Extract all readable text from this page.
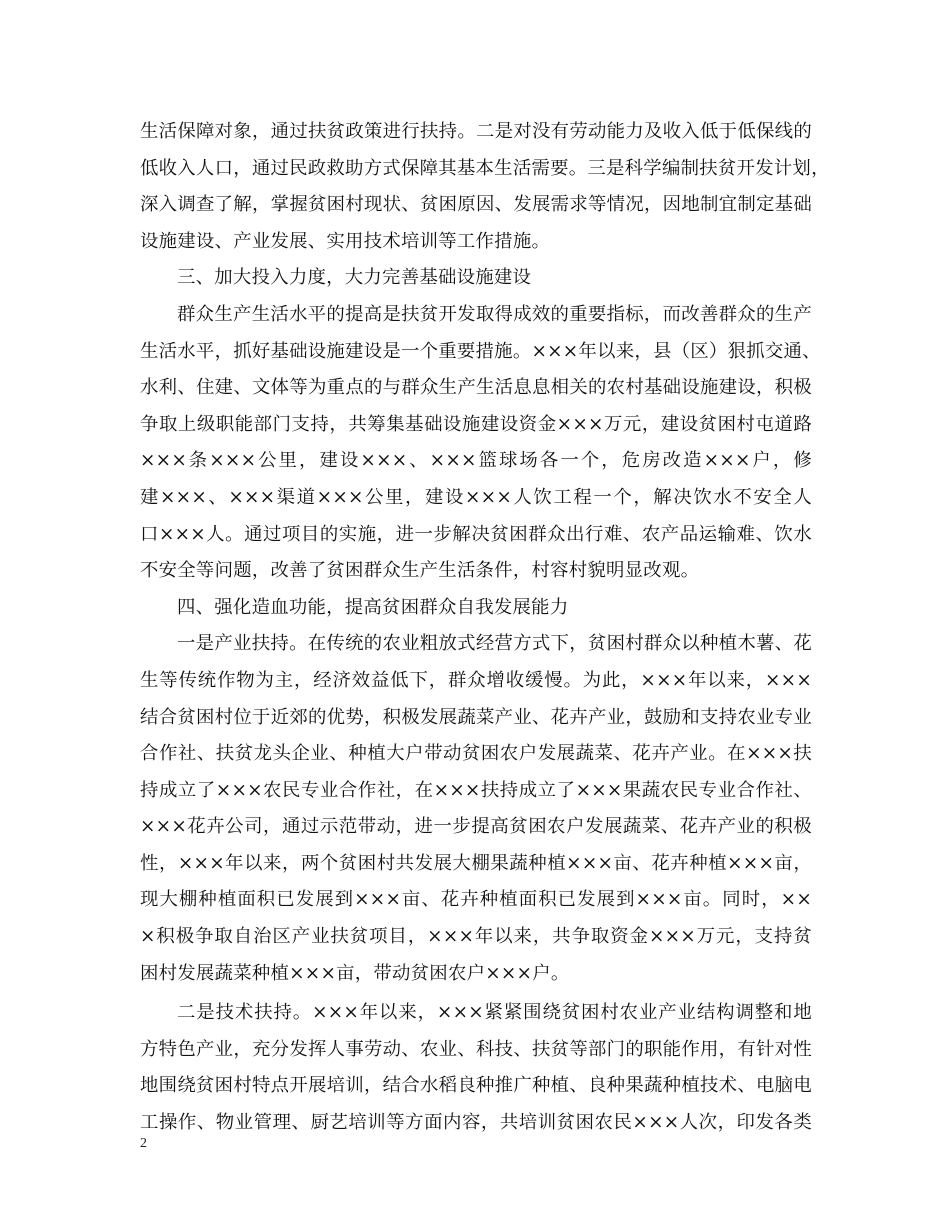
生活保障对象，通过扶贫政策进行扶持。二是对没有劳动能力及收入低于低保线的
低收入人口，通过民政救助方式保障其基本生活需要。三是科学编制扶贫开发计划，
深入调查了解，掌握贫困村现状、贫困原因、发展需求等情况，因地制宜制定基础
设施建设、产业发展、实用技术培训等工作措施。
三、加大投入力度，大力完善基础设施建设
群众生产生活水平的提高是扶贫开发取得成效的重要指标，而改善群众的生产
生活水平，抓好基础设施建设是一个重要措施。×××年以来，县（区）狠抓交通、
水利、住建、文体等为重点的与群众生产生活息息相关的农村基础设施建设，积极
争取上级职能部门支持，共筹集基础设施建设资金×××万元，建设贫困村屯道路
×××条×××公里，建设×××、×××篮球场各一个，危房改造×××户，修
建×××、×××渠道×××公里，建设×××人饮工程一个，解决饮水不安全人
口×××人。通过项目的实施，进一步解决贫困群众出行难、农产品运输难、饮水
不安全等问题，改善了贫困群众生产生活条件，村容村貌明显改观。
四、强化造血功能，提高贫困群众自我发展能力
一是产业扶持。在传统的农业粗放式经营方式下，贫困村群众以种植木薯、花
生等传统作物为主，经济效益低下，群众增收缓慢。为此，×××年以来，×××
结合贫困村位于近郊的优势，积极发展蔬菜产业、花卉产业，鼓励和支持农业专业
合作社、扶贫龙头企业、种植大户带动贫困农户发展蔬菜、花卉产业。在×××扶
持成立了×××农民专业合作社，在×××扶持成立了×××果蔬农民专业合作社、
×××花卉公司，通过示范带动，进一步提高贫困农户发展蔬菜、花卉产业的积极
性，×××年以来，两个贫困村共发展大棚果蔬种植×××亩、花卉种植×××亩，
现大棚种植面积已发展到×××亩、花卉种植面积已发展到×××亩。同时，××
×积极争取自治区产业扶贫项目，×××年以来，共争取资金×××万元，支持贫
困村发展蔬菜种植×××亩，带动贫困农户×××户。
二是技术扶持。×××年以来，×××紧紧围绕贫困村农业产业结构调整和地
方特色产业，充分发挥人事劳动、农业、科技、扶贫等部门的职能作用，有针对性
地围绕贫困村特点开展培训，结合水稻良种推广种植、良种果蔬种植技术、电脑电
工操作、物业管理、厨艺培训等方面内容，共培训贫困农民×××人次，印发各类
2
